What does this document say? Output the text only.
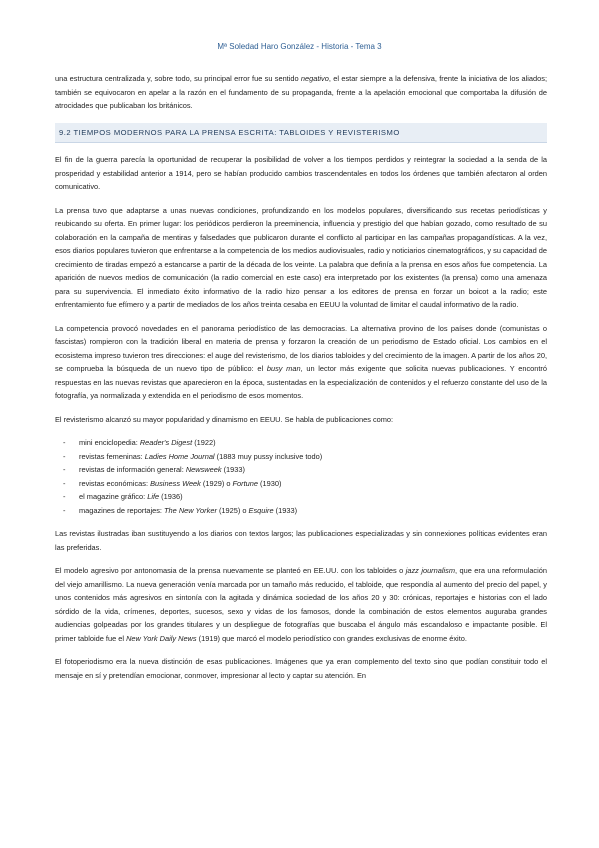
Mª Soledad Haro González - Historia - Tema 3

una estructura centralizada y, sobre todo, su principal error fue su sentido negativo, el estar siempre a la defensiva, frente la iniciativa de los aliados; también se equivocaron en apelar a la razón en el fundamento de su propaganda, frente a la apelación emocional que comportaba la difusión de atrocidades que publicaban los británicos.

9.2 TIEMPOS MODERNOS PARA LA PRENSA ESCRITA: TABLOIDES Y REVISTERISMO

El fin de la guerra parecía la oportunidad de recuperar la posibilidad de volver a los tiempos perdidos y reintegrar la sociedad a la senda de la prosperidad y estabilidad anterior a 1914, pero se habían producido cambios trascendentales en todos los órdenes que también afectaron al orden comunicativo.

La prensa tuvo que adaptarse a unas nuevas condiciones, profundizando en los modelos populares, diversificando sus recetas periodísticas y reubicando su oferta. En primer lugar: los periódicos perdieron la preeminencia, influencia y prestigio del que habían gozado, como resultado de su colaboración en la campaña de mentiras y falsedades que publicaron durante el conflicto al participar en las campañas propagandísticas. A la vez, esos diarios populares tuvieron que enfrentarse a la competencia de los medios audiovisuales, radio y noticiarios cinematográficos, y su capacidad de crecimiento de tiradas empezó a estancarse a partir de la década de los veinte. La palabra que definía a la prensa en esos años fue competencia. La aparición de nuevos medios de comunicación (la radio comercial en este caso) era interpretado por los existentes (la prensa) como una amenaza para su supervivencia. El inmediato éxito informativo de la radio hizo pensar a los editores de prensa en forzar un boicot a la radio; este enfrentamiento fue efímero y a partir de mediados de los años treinta cesaba en EEUU la voluntad de limitar el caudal informativo de la radio.

La competencia provocó novedades en el panorama periodístico de las democracias. La alternativa provino de los países donde (comunistas o fascistas) rompieron con la tradición liberal en materia de prensa y forzaron la creación de un periodismo de Estado oficial. Los cambios en el ecosistema impreso tuvieron tres direcciones: el auge del revisterismo, de los diarios tabloides y del crecimiento de la imagen. A partir de los años 20, se comprueba la búsqueda de un nuevo tipo de público: el busy man, un lector más exigente que solicita nuevas publicaciones. Y encontró respuestas en las nuevas revistas que aparecieron en la época, sustentadas en la especialización de contenidos y el refuerzo constante del uso de la fotografía, ya normalizada y extendida en el periodismo de esos momentos.

El revisterismo alcanzó su mayor popularidad y dinamismo en EEUU. Se habla de publicaciones como:

- mini enciclopedia: Reader's Digest (1922)
- revistas femeninas: Ladies Home Journal (1883 muy pussy inclusive todo)
- revistas de información general: Newsweek (1933)
- revistas económicas: Business Week (1929) o Fortune (1930)
- el magazine gráfico: Life (1936)
- magazines de reportajes: The New Yorker (1925) o Esquire (1933)

Las revistas ilustradas iban sustituyendo a los diarios con textos largos; las publicaciones especializadas y sin connexiones políticas evidentes eran las preferidas.

El modelo agresivo por antonomasia de la prensa nuevamente se planteó en EE.UU. con los tabloides o jazz journalism, que era una reformulación del viejo amarillismo. La nueva generación venía marcada por un tamaño más reducido, el tabloide, que respondía al aumento del precio del papel, y unos contenidos más agresivos en sintonía con la agitada y dinámica sociedad de los años 20 y 30: crónicas, reportajes e historias con el lado sórdido de la vida, crímenes, deportes, sucesos, sexo y vidas de los famosos, donde la combinación de estos elementos auguraba grandes audiencias golpeadas por los grandes titulares y un despliegue de fotografías que buscaba el ángulo más escandaloso e impactante posible. El primer tabloide fue el New York Daily News (1919) que marcó el modelo periodístico con grandes exclusivas de enorme éxito.

El fotoperiodismo era la nueva distinción de esas publicaciones. Imágenes que ya eran complemento del texto sino que podían constituir todo el mensaje en sí y pretendían emocionar, conmover, impresionar al lecto y captar su atención. En
